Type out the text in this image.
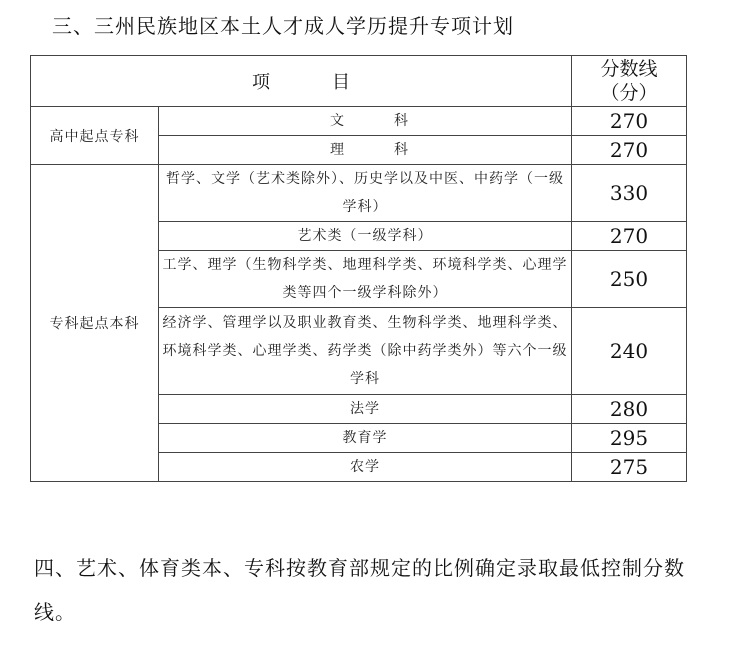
三、三州民族地区本土人才成人学历提升专项计划
项　目		分数线
（分）

高中起点专科	文　科	270
	理　科	270
专科起点本科	哲学、文学（艺术类除外）、历史学以及中医、中药学（一级学科）	330
	艺术类（一级学科）	270
	工学、理学（生物科学类、地理科学类、环境科学类、心理学类等四个一级学科除外）	250
	经济学、管理学以及职业教育类、生物科学类、地理科学类、环境科学类、心理学类、药学类（除中药学类外）等六个一级学科	240
	法学	280
	教育学	295
	农学	275

四、艺术、体育类本、专科按教育部规定的比例确定录取最低控制分数线。
